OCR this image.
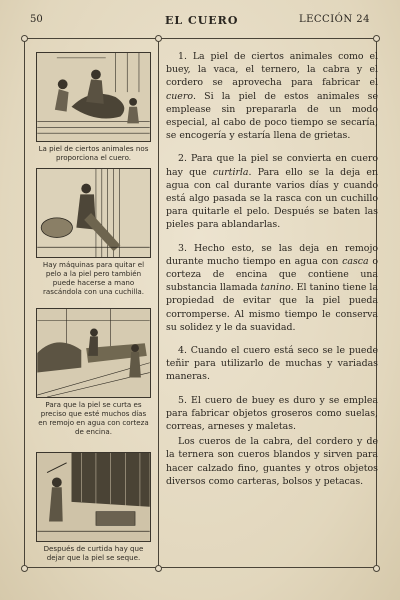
50	EL CUERO	LECCIÓN 24
La piel de ciertos animales nos proporciona el cuero.
Hay máquinas para quitar el pelo a la piel pero también puede hacerse a mano rascándola con una cuchilla.
Para que la piel se curta es preciso que esté muchos días en remojo en agua con corteza de encina.
Después de curtida hay que dejar que la piel se seque.

1. La piel de ciertos animales como el buey, la vaca, el ternero, la cabra y el cordero se aprovecha para fabricar el cuero. Si la piel de estos animales se emplease sin prepararla de un modo especial, al cabo de poco tiempo se secaría, se encogería y estaría llena de grietas.

2. Para que la piel se convierta en cuero hay que curtirla. Para ello se la deja en agua con cal durante varios días y cuando está algo pasada se la rasca con un cuchillo para quitarle el pelo. Después se baten las pieles para ablandarlas.

3. Hecho esto, se las deja en remojo durante mucho tiempo en agua con casca o corteza de encina que contiene una substancia llamada tanino. El tanino tiene la propiedad de evitar que la piel pueda corromperse. Al mismo tiempo le conserva su solidez y le da suavidad.

4. Cuando el cuero está seco se le puede teñir para utilizarlo de muchas y variadas maneras.

5. El cuero de buey es duro y se emplea para fabricar objetos groseros como suelas, correas, arneses y maletas.

Los cueros de la cabra, del cordero y de la ternera son cueros blandos y sirven para hacer calzado fino, guantes y otros objetos diversos como carteras, bolsos y petacas.
